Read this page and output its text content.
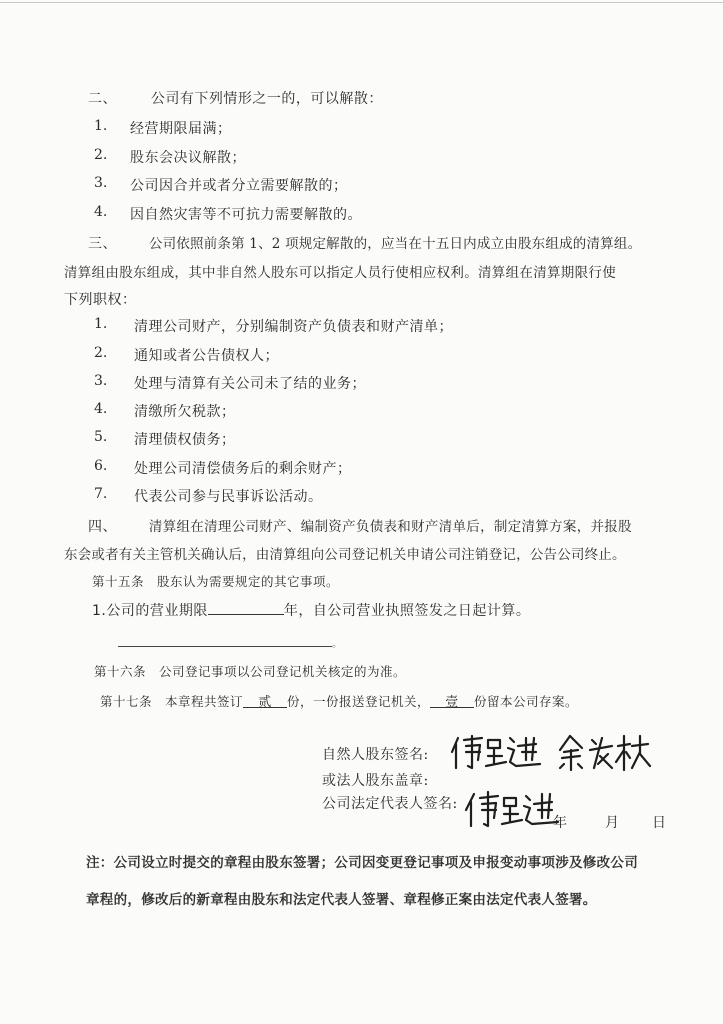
二、 公司有下列情形之一的，可以解散：
1. 经营期限届满；
2. 股东会决议解散；
3. 公司因合并或者分立需要解散的；
4. 因自然灾害等不可抗力需要解散的。
三、 公司依照前条第 1、2 项规定解散的，应当在十五日内成立由股东组成的清算组。
清算组由股东组成，其中非自然人股东可以指定人员行使相应权利。清算组在清算期限行使
下列职权：
1. 清理公司财产，分别编制资产负债表和财产清单；
2. 通知或者公告债权人；
3. 处理与清算有关公司未了结的业务；
4. 清缴所欠税款；
5. 清理债权债务；
6. 处理公司清偿债务后的剩余财产；
7. 代表公司参与民事诉讼活动。
四、 清算组在清理公司财产、编制资产负债表和财产清单后，制定清算方案，并报股
东会或者有关主管机关确认后，由清算组向公司登记机关申请公司注销登记，公告公司终止。
第十五条　股东认为需要规定的其它事项。
1.公司的营业期限	年，自公司营业执照签发之日起计算。
。
第十六条　公司登记事项以公司登记机关核定的为准。
第十七条　本章程共签订 贰 份，一份报送登记机关， 壹 份留本公司存案。
自然人股东签名:
或法人股东盖章:
公司法定代表人签名:
年	月 日
注：公司设立时提交的章程由股东签署；公司因变更登记事项及申报变动事项涉及修改公司
章程的，修改后的新章程由股东和法定代表人签署、章程修正案由法定代表人签署。
